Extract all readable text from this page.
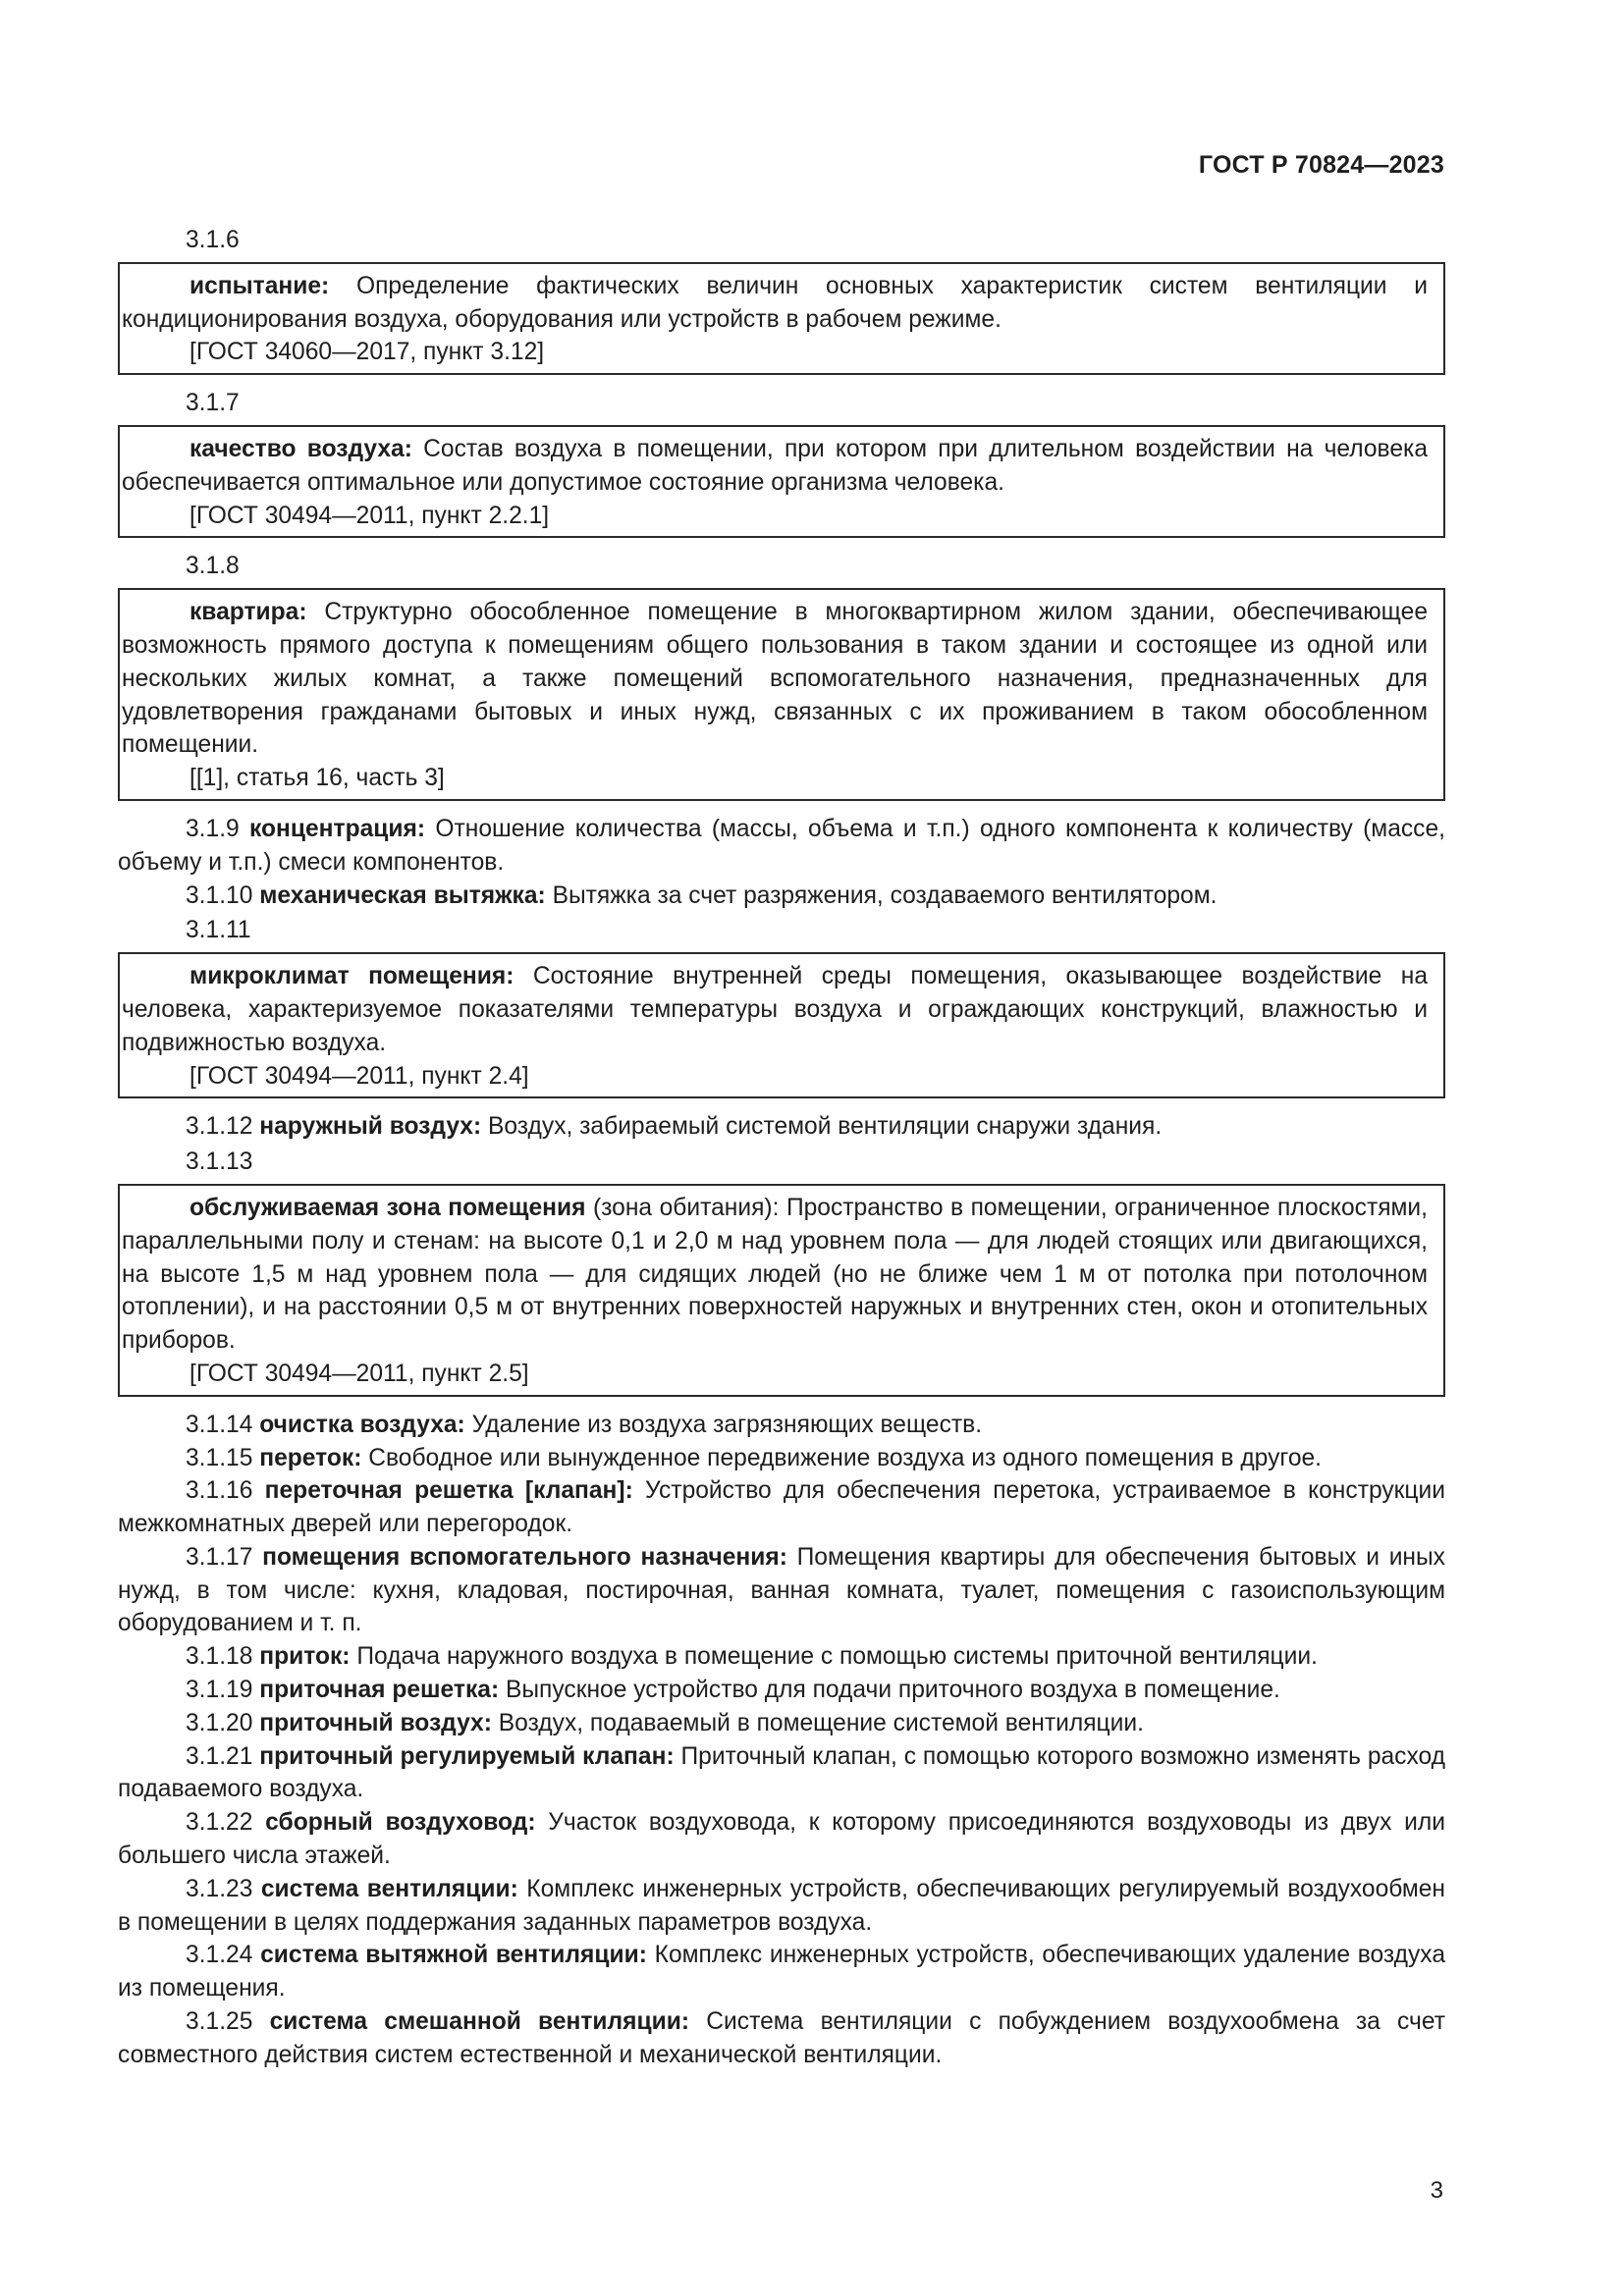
ГОСТ Р 70824—2023
3.1.6

испытание: Определение фактических величин основных характеристик систем вентиляции и кондиционирования воздуха, оборудования или устройств в рабочем режиме.

[ГОСТ 34060—2017, пункт 3.12]

3.1.7

качество воздуха: Состав воздуха в помещении, при котором при длительном воздействии на человека обеспечивается оптимальное или допустимое состояние организма человека.

[ГОСТ 30494—2011, пункт 2.2.1]

3.1.8

квартира: Структурно обособленное помещение в многоквартирном жилом здании, обеспечивающее возможность прямого доступа к помещениям общего пользования в таком здании и состоящее из одной или нескольких жилых комнат, а также помещений вспомогательного назначения, предназначенных для удовлетворения гражданами бытовых и иных нужд, связанных с их проживанием в таком обособленном помещении.

[[1], статья 16, часть 3]

3.1.9 концентрация: Отношение количества (массы, объема и т.п.) одного компонента к количеству (массе, объему и т.п.) смеси компонентов.

3.1.10 механическая вытяжка: Вытяжка за счет разряжения, создаваемого вентилятором.

3.1.11

микроклимат помещения: Состояние внутренней среды помещения, оказывающее воздействие на человека, характеризуемое показателями температуры воздуха и ограждающих конструкций, влажностью и подвижностью воздуха.

[ГОСТ 30494—2011, пункт 2.4]

3.1.12 наружный воздух: Воздух, забираемый системой вентиляции снаружи здания.

3.1.13

обслуживаемая зона помещения (зона обитания): Пространство в помещении, ограниченное плоскостями, параллельными полу и стенам: на высоте 0,1 и 2,0 м над уровнем пола — для людей стоящих или двигающихся, на высоте 1,5 м над уровнем пола — для сидящих людей (но не ближе чем 1 м от потолка при потолочном отоплении), и на расстоянии 0,5 м от внутренних поверхностей наружных и внутренних стен, окон и отопительных приборов.

[ГОСТ 30494—2011, пункт 2.5]

3.1.14 очистка воздуха: Удаление из воздуха загрязняющих веществ.

3.1.15 переток: Свободное или вынужденное передвижение воздуха из одного помещения в другое.

3.1.16 переточная решетка [клапан]: Устройство для обеспечения перетока, устраиваемое в конструкции межкомнатных дверей или перегородок.

3.1.17 помещения вспомогательного назначения: Помещения квартиры для обеспечения бытовых и иных нужд, в том числе: кухня, кладовая, постирочная, ванная комната, туалет, помещения с газоиспользующим оборудованием и т. п.

3.1.18 приток: Подача наружного воздуха в помещение с помощью системы приточной вентиляции.

3.1.19 приточная решетка: Выпускное устройство для подачи приточного воздуха в помещение.

3.1.20 приточный воздух: Воздух, подаваемый в помещение системой вентиляции.

3.1.21 приточный регулируемый клапан: Приточный клапан, с помощью которого возможно изменять расход подаваемого воздуха.

3.1.22 сборный воздуховод: Участок воздуховода, к которому присоединяются воздуховоды из двух или большего числа этажей.

3.1.23 система вентиляции: Комплекс инженерных устройств, обеспечивающих регулируемый воздухообмен в помещении в целях поддержания заданных параметров воздуха.

3.1.24 система вытяжной вентиляции: Комплекс инженерных устройств, обеспечивающих удаление воздуха из помещения.

3.1.25 система смешанной вентиляции: Система вентиляции с побуждением воздухообмена за счет совместного действия систем естественной и механической вентиляции.

3
